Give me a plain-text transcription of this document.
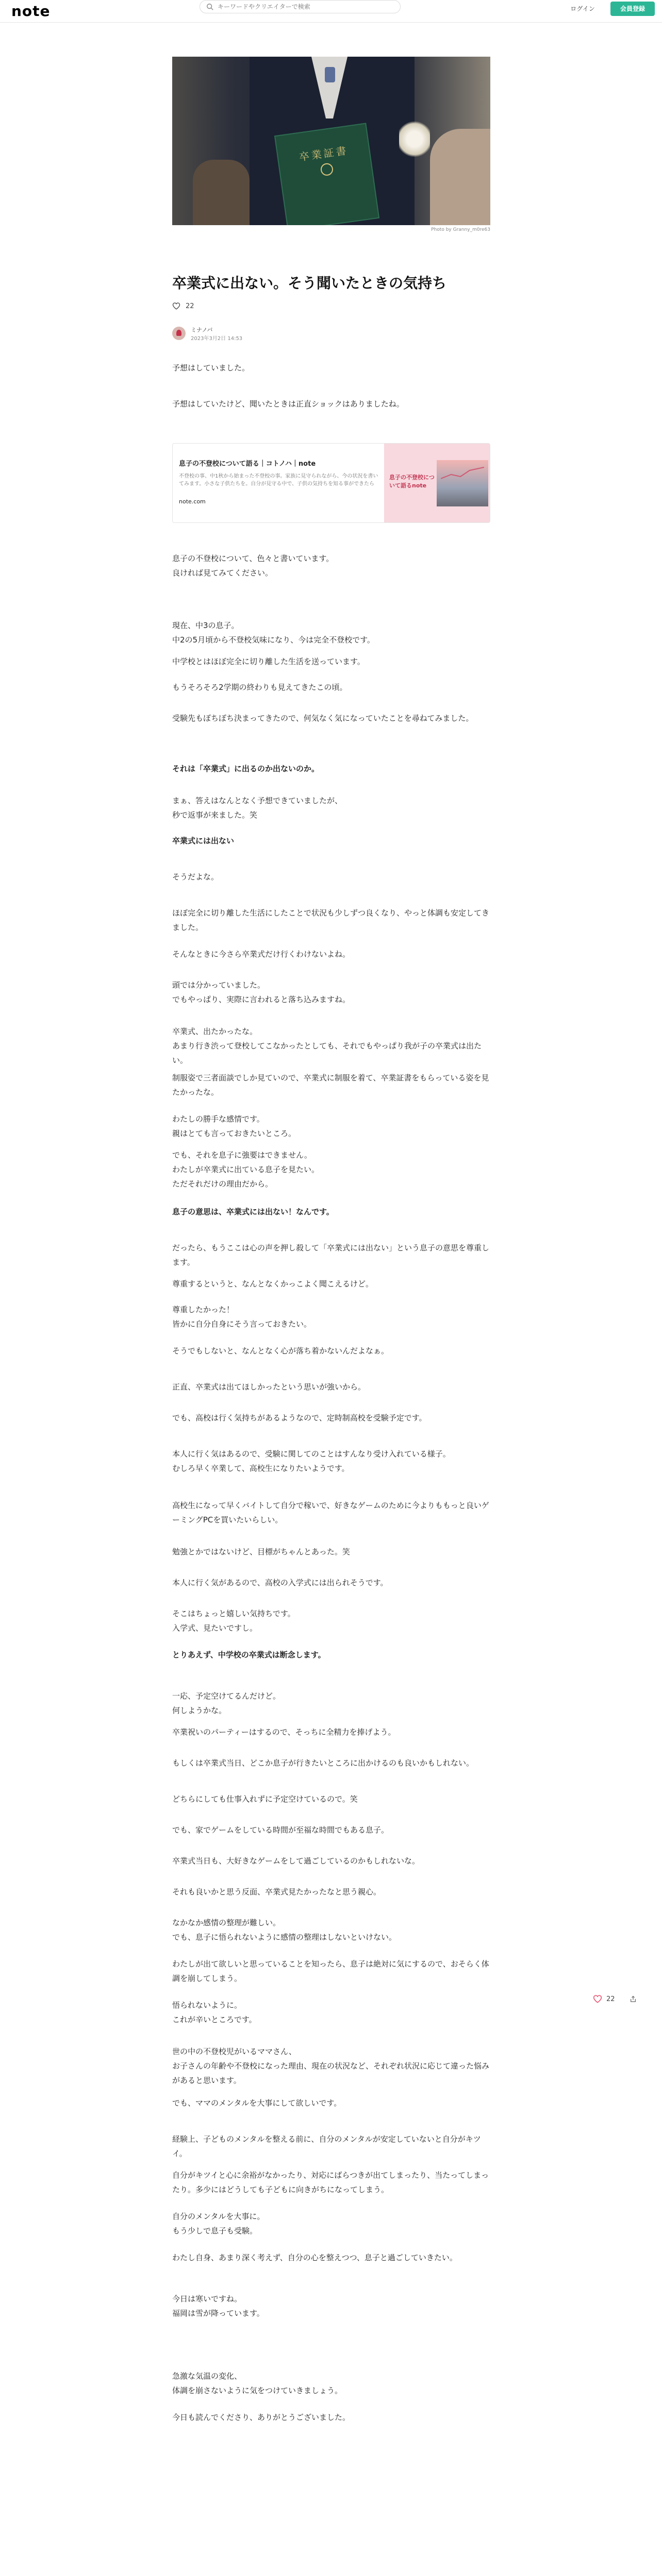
note
キーワードやクリエイターで検索	ログイン	会員登録
卒業証書
Photo by Granny_m0re63
卒業式に出ない。そう聞いたときの気持ち
22
ミナノバ
2023年3月2日 14:53

予想はしていました。

予想はしていたけど、聞いたときは正直ショックはありましたね。

息子の不登校について、色々と書いています。
良ければ見てみてください。

現在、中3の息子。
中2の5月頃から不登校気味になり、今は完全不登校です。

中学校とはほぼ完全に切り離した生活を送っています。

もうそろそろ2学期の終わりも見えてきたこの頃。

受験先もぼちぼち決まってきたので、何気なく気になっていたことを尋ねてみました。

それは「卒業式」に出るのか出ないのか。

まぁ、答えはなんとなく予想できていましたが、
秒で返事が来ました。笑

卒業式には出ない

そうだよな。

ほぼ完全に切り離した生活にしたことで状況も少しずつ良くなり、やっと体調も安定してきました。

そんなときに今さら卒業式だけ行くわけないよね。

頭では分かっていました。
でもやっぱり、実際に言われると落ち込みますね。

卒業式、出たかったな。
あまり行き渋って登校してこなかったとしても、それでもやっぱり我が子の卒業式は出たい。

制服姿で三者面談でしか見ていので、卒業式に制服を着て、卒業証書をもらっている姿を見たかったな。

わたしの勝手な感情です。
親はとても言っておきたいところ。

でも、それを息子に強要はできません。
わたしが卒業式に出ている息子を見たい。
ただそれだけの理由だから。

息子の意思は、卒業式には出ない！なんです。

だったら、もうここは心の声を押し殺して「卒業式には出ない」という息子の意思を尊重します。

尊重するというと、なんとなくかっこよく聞こえるけど。

尊重したかった！
皆かに自分自身にそう言っておきたい。

そうでもしないと、なんとなく心が落ち着かないんだよなぁ。

正直、卒業式は出てほしかったという思いが強いから。

でも、高校は行く気持ちがあるようなので、定時制高校を受験予定です。

本人に行く気はあるので、受験に関してのことはすんなり受け入れている様子。
むしろ早く卒業して、高校生になりたいようです。

高校生になって早くバイトして自分で稼いで、好きなゲームのために今よりももっと良いゲーミングPCを買いたいらしい。

勉強とかではないけど、目標がちゃんとあった。笑

本人に行く気があるので、高校の入学式には出られそうです。

そこはちょっと嬉しい気持ちです。
入学式、見たいですし。

とりあえず、中学校の卒業式は断念します。

一応、予定空けてるんだけど。
何しようかな。

卒業祝いのパーティーはするので、そっちに全精力を捧げよう。

もしくは卒業式当日、どこか息子が行きたいところに出かけるのも良いかもしれない。

どちらにしても仕事入れずに予定空けているので。笑

でも、家でゲームをしている時間が至福な時間でもある息子。

卒業式当日も、大好きなゲームをして過ごしているのかもしれないな。

それも良いかと思う反面、卒業式見たかったなと思う親心。

なかなか感情の整理が難しい。
でも、息子に悟られないように感情の整理はしないといけない。

わたしが出て欲しいと思っていることを知ったら、息子は絶対に気にするので、おそらく体調を崩してしまう。

悟られないように。
これが辛いところです。

世の中の不登校児がいるママさん、
お子さんの年齢や不登校になった理由、現在の状況など、それぞれ状況に応じて違った悩みがあると思います。

でも、ママのメンタルを大事にして欲しいです。

経験上、子どものメンタルを整える前に、自分のメンタルが安定していないと自分がキツイ。

自分がキツイと心に余裕がなかったり、対応にばらつきが出てしまったり、当たってしまったり。多少にはどうしても子どもに向きがちになってしまう。

自分のメンタルを大事に。
もう少しで息子も受験。

わたし自身、あまり深く考えず、自分の心を整えつつ、息子と過ごしていきたい。

今日は寒いですね。
福岡は雪が降っています。

急激な気温の変化、
体調を崩さないように気をつけていきましょう。

今日も読んでくださり、ありがとうございました。

息子の不登校について語る｜コトノハ｜note
不登校の事、中1秋から始まった不登校の事。家族に見守られながら、今の状況を書いてみます。小さな子供たちを。自分が見守る中で、子供の気持ちを知る事ができたら
note.com
息子の不登校について語るnote
22
